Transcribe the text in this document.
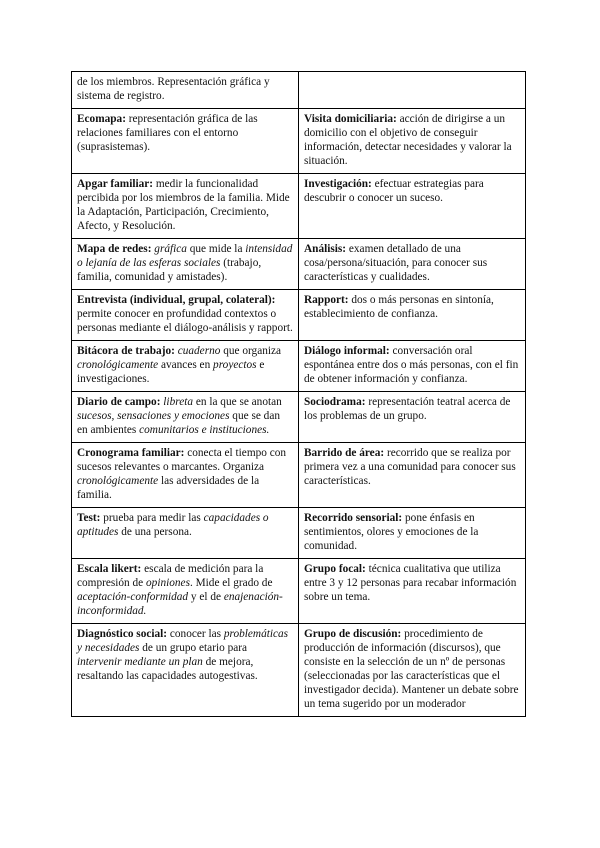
de los miembros. Representación gráfica y sistema de registro.	
Ecomapa: representación gráfica de las relaciones familiares con el entorno (suprasistemas).	Visita domiciliaria: acción de dirigirse a un domicilio con el objetivo de conseguir información, detectar necesidades y valorar la situación.
Apgar familiar: medir la funcionalidad percibida por los miembros de la familia. Mide la Adaptación, Participación, Crecimiento, Afecto, y Resolución.	Investigación: efectuar estrategias para descubrir o conocer un suceso.
Mapa de redes: gráfica que mide la intensidad o lejanía de las esferas sociales (trabajo, familia, comunidad y amistades).	Análisis: examen detallado de una cosa/persona/situación, para conocer sus características y cualidades.
Entrevista (individual, grupal, colateral): permite conocer en profundidad contextos o personas mediante el diálogo-análisis y rapport.	Rapport: dos o más personas en sintonía, establecimiento de confianza.
Bitácora de trabajo: cuaderno que organiza cronológicamente avances en proyectos e investigaciones.	Diálogo informal: conversación oral espontánea entre dos o más personas, con el fin de obtener información y confianza.
Diario de campo: libreta en la que se anotan sucesos, sensaciones y emociones que se dan en ambientes comunitarios e instituciones.	Sociodrama: representación teatral acerca de los problemas de un grupo.
Cronograma familiar: conecta el tiempo con sucesos relevantes o marcantes. Organiza cronológicamente las adversidades de la familia.	Barrido de área: recorrido que se realiza por primera vez a una comunidad para conocer sus características.
Test: prueba para medir las capacidades o aptitudes de una persona.	Recorrido sensorial: pone énfasis en sentimientos, olores y emociones de la comunidad.
Escala likert: escala de medición para la compresión de opiniones. Mide el grado de aceptación-conformidad y el de enajenación-inconformidad.	Grupo focal: técnica cualitativa que utiliza entre 3 y 12 personas para recabar información sobre un tema.
Diagnóstico social: conocer las problemáticas y necesidades de un grupo etario para intervenir mediante un plan de mejora, resaltando las capacidades autogestivas.	Grupo de discusión: procedimiento de producción de información (discursos), que consiste en la selección de un nº de personas (seleccionadas por las características que el investigador decida). Mantener un debate sobre un tema sugerido por un moderador
